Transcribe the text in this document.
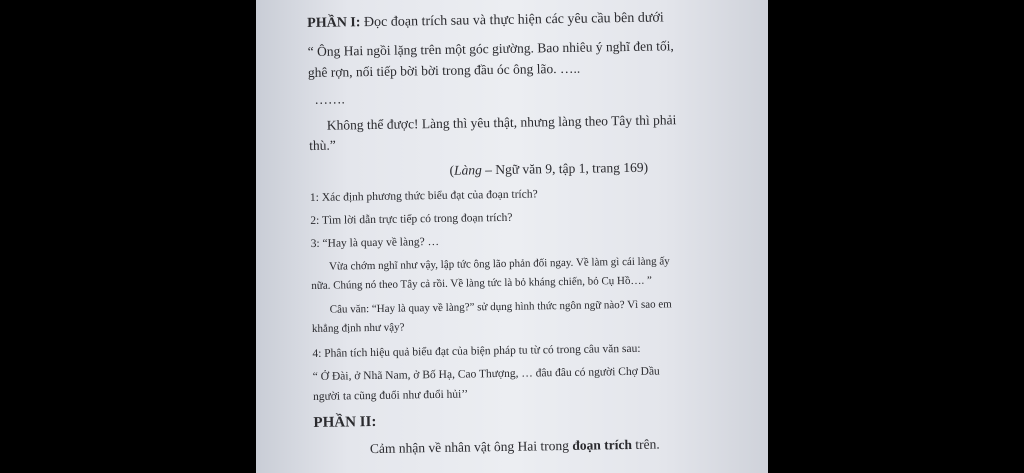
PHẦN I: Đọc đoạn trích sau và thực hiện các yêu cầu bên dưới
“ Ông Hai ngồi lặng trên một góc giường. Bao nhiêu ý nghĩ đen tối,
ghê rợn, nối tiếp bời bời trong đầu óc ông lão. …..
…….
Không thể được! Làng thì yêu thật, nhưng làng theo Tây thì phải
thù.”
(Làng – Ngữ văn 9, tập 1, trang 169)
1: Xác định phương thức biểu đạt của đoạn trích?
2: Tìm lời dẫn trực tiếp có trong đoạn trích?
3: “Hay là quay về làng? …
Vừa chớm nghĩ như vậy, lập tức ông lão phản đối ngay. Về làm gì cái làng ấy
nữa. Chúng nó theo Tây cả rồi. Về làng tức là bỏ kháng chiến, bỏ Cụ Hồ…. ”
Câu văn: “Hay là quay về làng?” sử dụng hình thức ngôn ngữ nào? Vì sao em
khẳng định như vậy?
4: Phân tích hiệu quả biểu đạt của biện pháp tu từ có trong câu văn sau:
“ Ở Đài, ở Nhã Nam, ở Bố Hạ, Cao Thượng, … đâu đâu có người Chợ Dầu
người ta cũng đuổi như đuổi hủi’’
PHẦN II:
Cảm nhận về nhân vật ông Hai trong đoạn trích trên.
